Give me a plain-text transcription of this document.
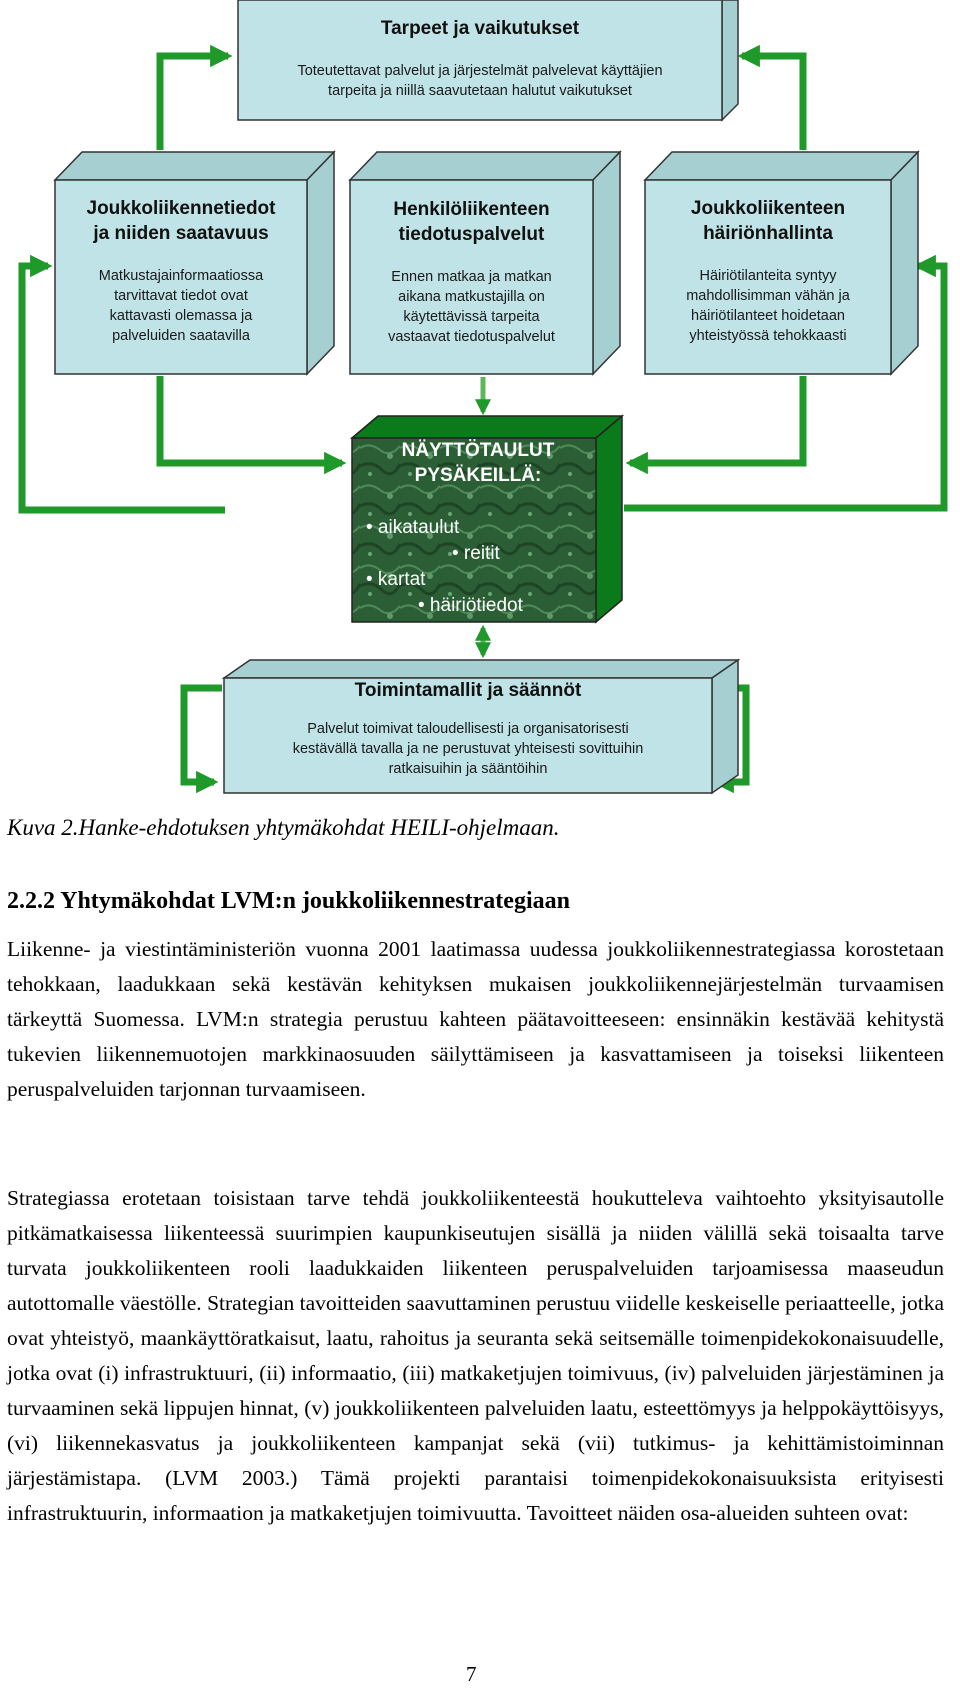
Tarpeet ja vaikutukset
Toteutettavat palvelut ja järjestelmät palvelevat käyttäjien
tarpeita ja niillä saavutetaan halutut vaikutukset
Joukkoliikennetiedot
ja niiden saatavuus
Matkustajainformaatiossa
tarvittavat tiedot ovat
kattavasti olemassa ja
palveluiden saatavilla
Henkilöliikenteen
tiedotuspalvelut
Ennen matkaa ja matkan
aikana matkustajilla on
käytettävissä tarpeita
vastaavat tiedotuspalvelut
Joukkoliikenteen
häiriönhallinta
Häiriötilanteita syntyy
mahdollisimman vähän ja
häiriötilanteet hoidetaan
yhteistyössä tehokkaasti
NÄYTTÖTAULUT
PYSÄKEILLÄ:
• aikataulut
• reitit
• kartat
• häiriötiedot
Toimintamallit ja säännöt
Palvelut toimivat taloudellisesti ja organisatorisesti
kestävällä tavalla ja ne perustuvat yhteisesti sovittuihin
ratkaisuihin ja sääntöihin
Kuva 2.Hanke-ehdotuksen yhtymäkohdat HEILI-ohjelmaan.
2.2.2 Yhtymäkohdat LVM:n joukkoliikennestrategiaan

Liikenne- ja viestintäministeriön vuonna 2001 laatimassa uudessa joukkoliikennestrategiassa korostetaan tehokkaan, laadukkaan sekä kestävän kehityksen mukaisen joukkoliikennejärjestelmän turvaamisen tärkeyttä Suomessa. LVM:n strategia perustuu kahteen päätavoitteeseen: ensinnäkin kestävää kehitystä tukevien liikennemuotojen markkinaosuuden säilyttämiseen ja kasvattamiseen ja toiseksi liikenteen peruspalveluiden tarjonnan turvaamiseen.

Strategiassa erotetaan toisistaan tarve tehdä joukkoliikenteestä houkutteleva vaihtoehto yksityisautolle pitkämatkaisessa liikenteessä suurimpien kaupunkiseutujen sisällä ja niiden välillä sekä toisaalta tarve turvata joukkoliikenteen rooli laadukkaiden liikenteen peruspalveluiden tarjoamisessa maaseudun autottomalle väestölle. Strategian tavoitteiden saavuttaminen perustuu viidelle keskeiselle periaatteelle, jotka ovat yhteistyö, maankäyttöratkaisut, laatu, rahoitus ja seuranta sekä seitsemälle toimenpidekokonaisuudelle, jotka ovat (i) infrastruktuuri, (ii) informaatio, (iii) matkaketjujen toimivuus, (iv) palveluiden järjestäminen ja turvaaminen sekä lippujen hinnat, (v) joukkoliikenteen palveluiden laatu, esteettömyys ja helppokäyttöisyys, (vi) liikennekasvatus ja joukkoliikenteen kampanjat sekä (vii) tutkimus- ja kehittämistoiminnan järjestämistapa. (LVM 2003.) Tämä projekti parantaisi toimenpidekokonaisuuksista erityisesti infrastruktuurin, informaation ja matkaketjujen toimivuutta. Tavoitteet näiden osa-alueiden suhteen ovat:

7
